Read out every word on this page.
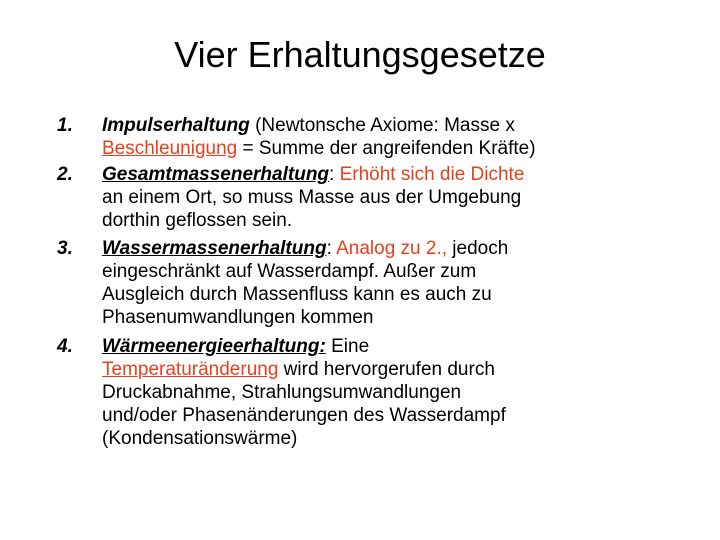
Vier Erhaltungsgesetze
1. Impulserhaltung (Newtonsche Axiome: Masse x
Beschleunigung = Summe der angreifenden Kräfte)
2. Gesamtmassenerhaltung: Erhöht sich die Dichte
an einem Ort, so muss Masse aus der Umgebung
dorthin geflossen sein.
3. Wassermassenerhaltung: Analog zu 2., jedoch
eingeschränkt auf Wasserdampf. Außer zum
Ausgleich durch Massenfluss kann es auch zu
Phasenumwandlungen kommen
4. Wärmeenergieerhaltung: Eine
Temperaturänderung wird hervorgerufen durch
Druckabnahme, Strahlungsumwandlungen
und/oder Phasenänderungen des Wasserdampf
(Kondensationswärme)
